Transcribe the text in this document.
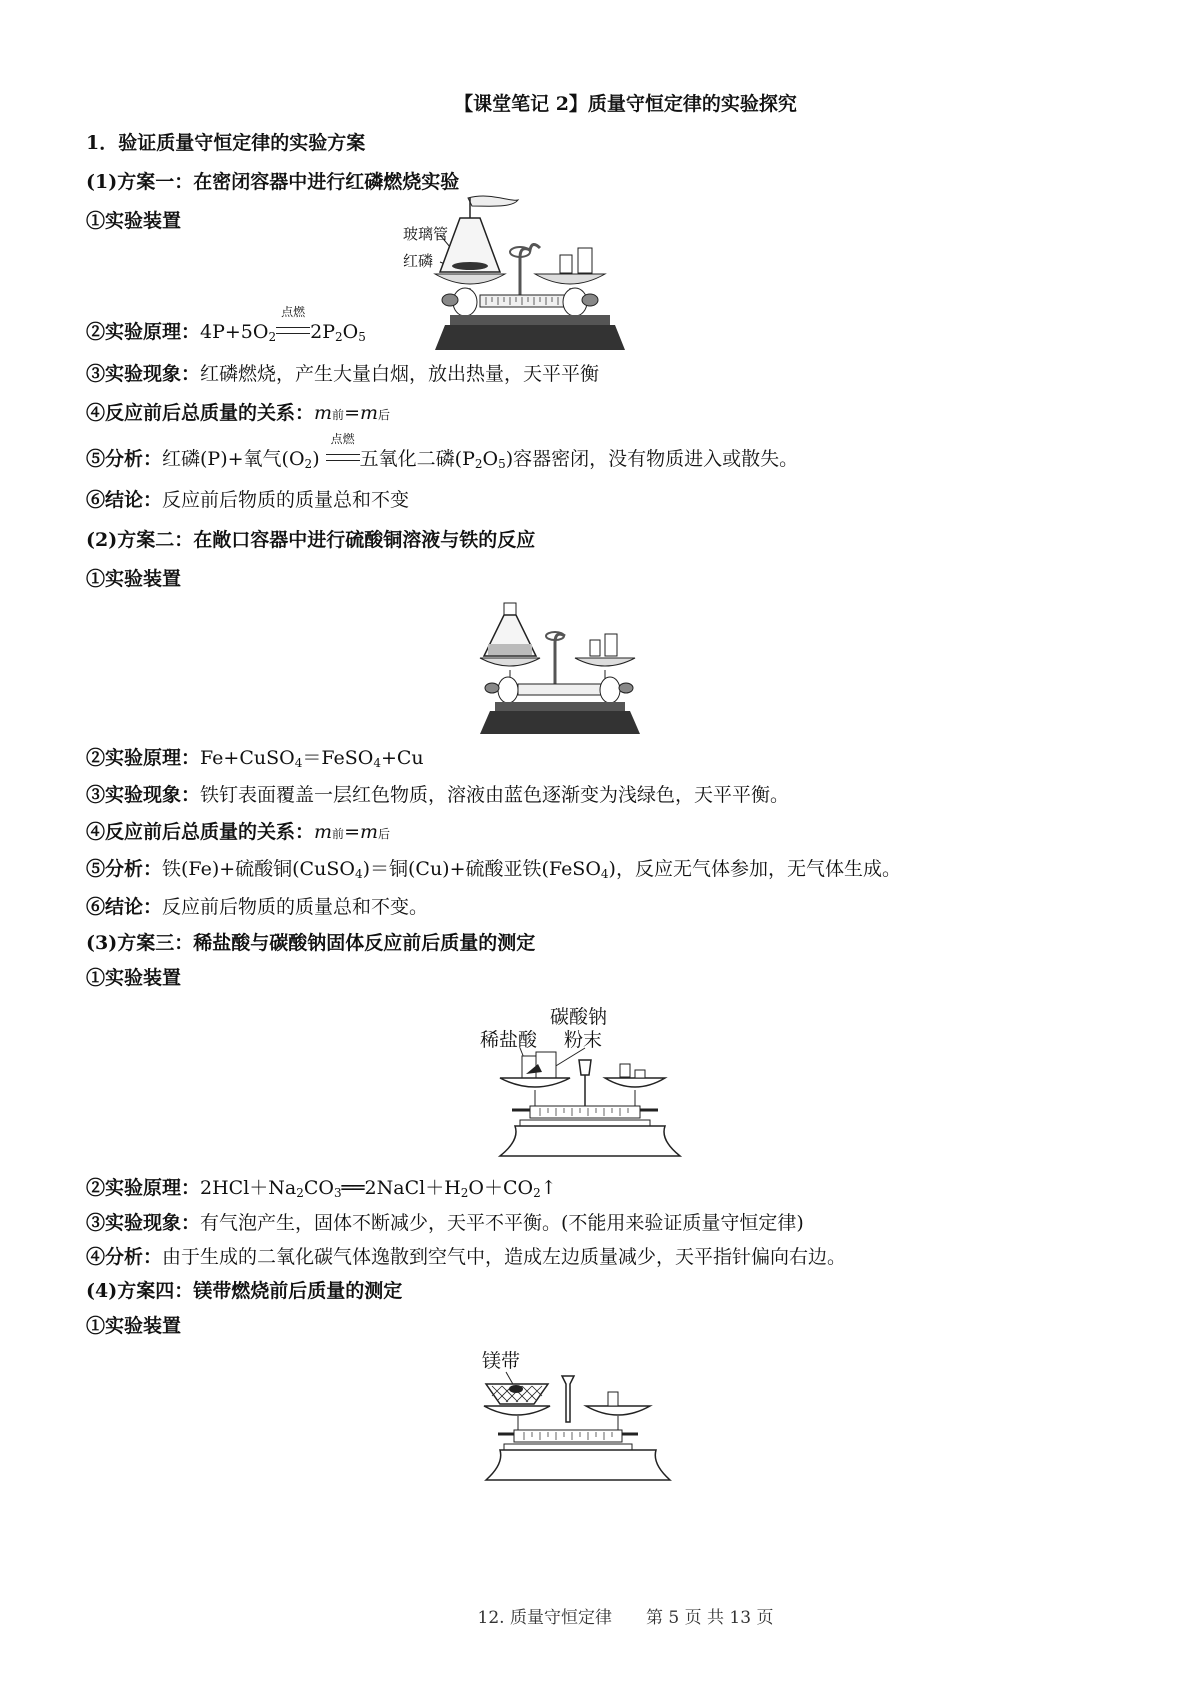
【课堂笔记 2】质量守恒定律的实验探究
1．验证质量守恒定律的实验方案
(1)方案一：在密闭容器中进行红磷燃烧实验
①实验装置
玻璃管
红磷
②实验原理：$4P+5O_2$
点燃
$2P_2O_5$
③实验现象：红磷燃烧，产生大量白烟，放出热量，天平平衡
④反应前后总质量的关系：m前=m后
⑤分析：红磷(P)+氧气$(O_2)$
点燃
五氧化二磷$(P_2O_5)$容器密闭，没有物质进入或散失。
⑥结论：反应前后物质的质量总和不变
(2)方案二：在敞口容器中进行硫酸铜溶液与铁的反应
①实验装置
②实验原理：Fe+CuSO$_4$＝FeSO$_4$+Cu
③实验现象：铁钉表面覆盖一层红色物质，溶液由蓝色逐渐变为浅绿色，天平平衡。
④反应前后总质量的关系：m前=m后
⑤分析：铁(Fe)+硫酸铜(CuSO$_4$)＝铜(Cu)+硫酸亚铁(FeSO$_4$)，反应无气体参加，无气体生成。
⑥结论：反应前后物质的质量总和不变。
(3)方案三：稀盐酸与碳酸钠固体反应前后质量的测定
①实验装置
碳酸钠
稀盐酸 粉末
②实验原理：$2HCl+Na_2CO_3══2NaCl+H_2O+CO_2↑$
③实验现象：有气泡产生，固体不断减少，天平不平衡。(不能用来验证质量守恒定律)
④分析：由于生成的二氧化碳气体逸散到空气中，造成左边质量减少，天平指针偏向右边。
(4)方案四：镁带燃烧前后质量的测定
①实验装置
镁带
12. 质量守恒定律　　第 5 页 共 13 页
